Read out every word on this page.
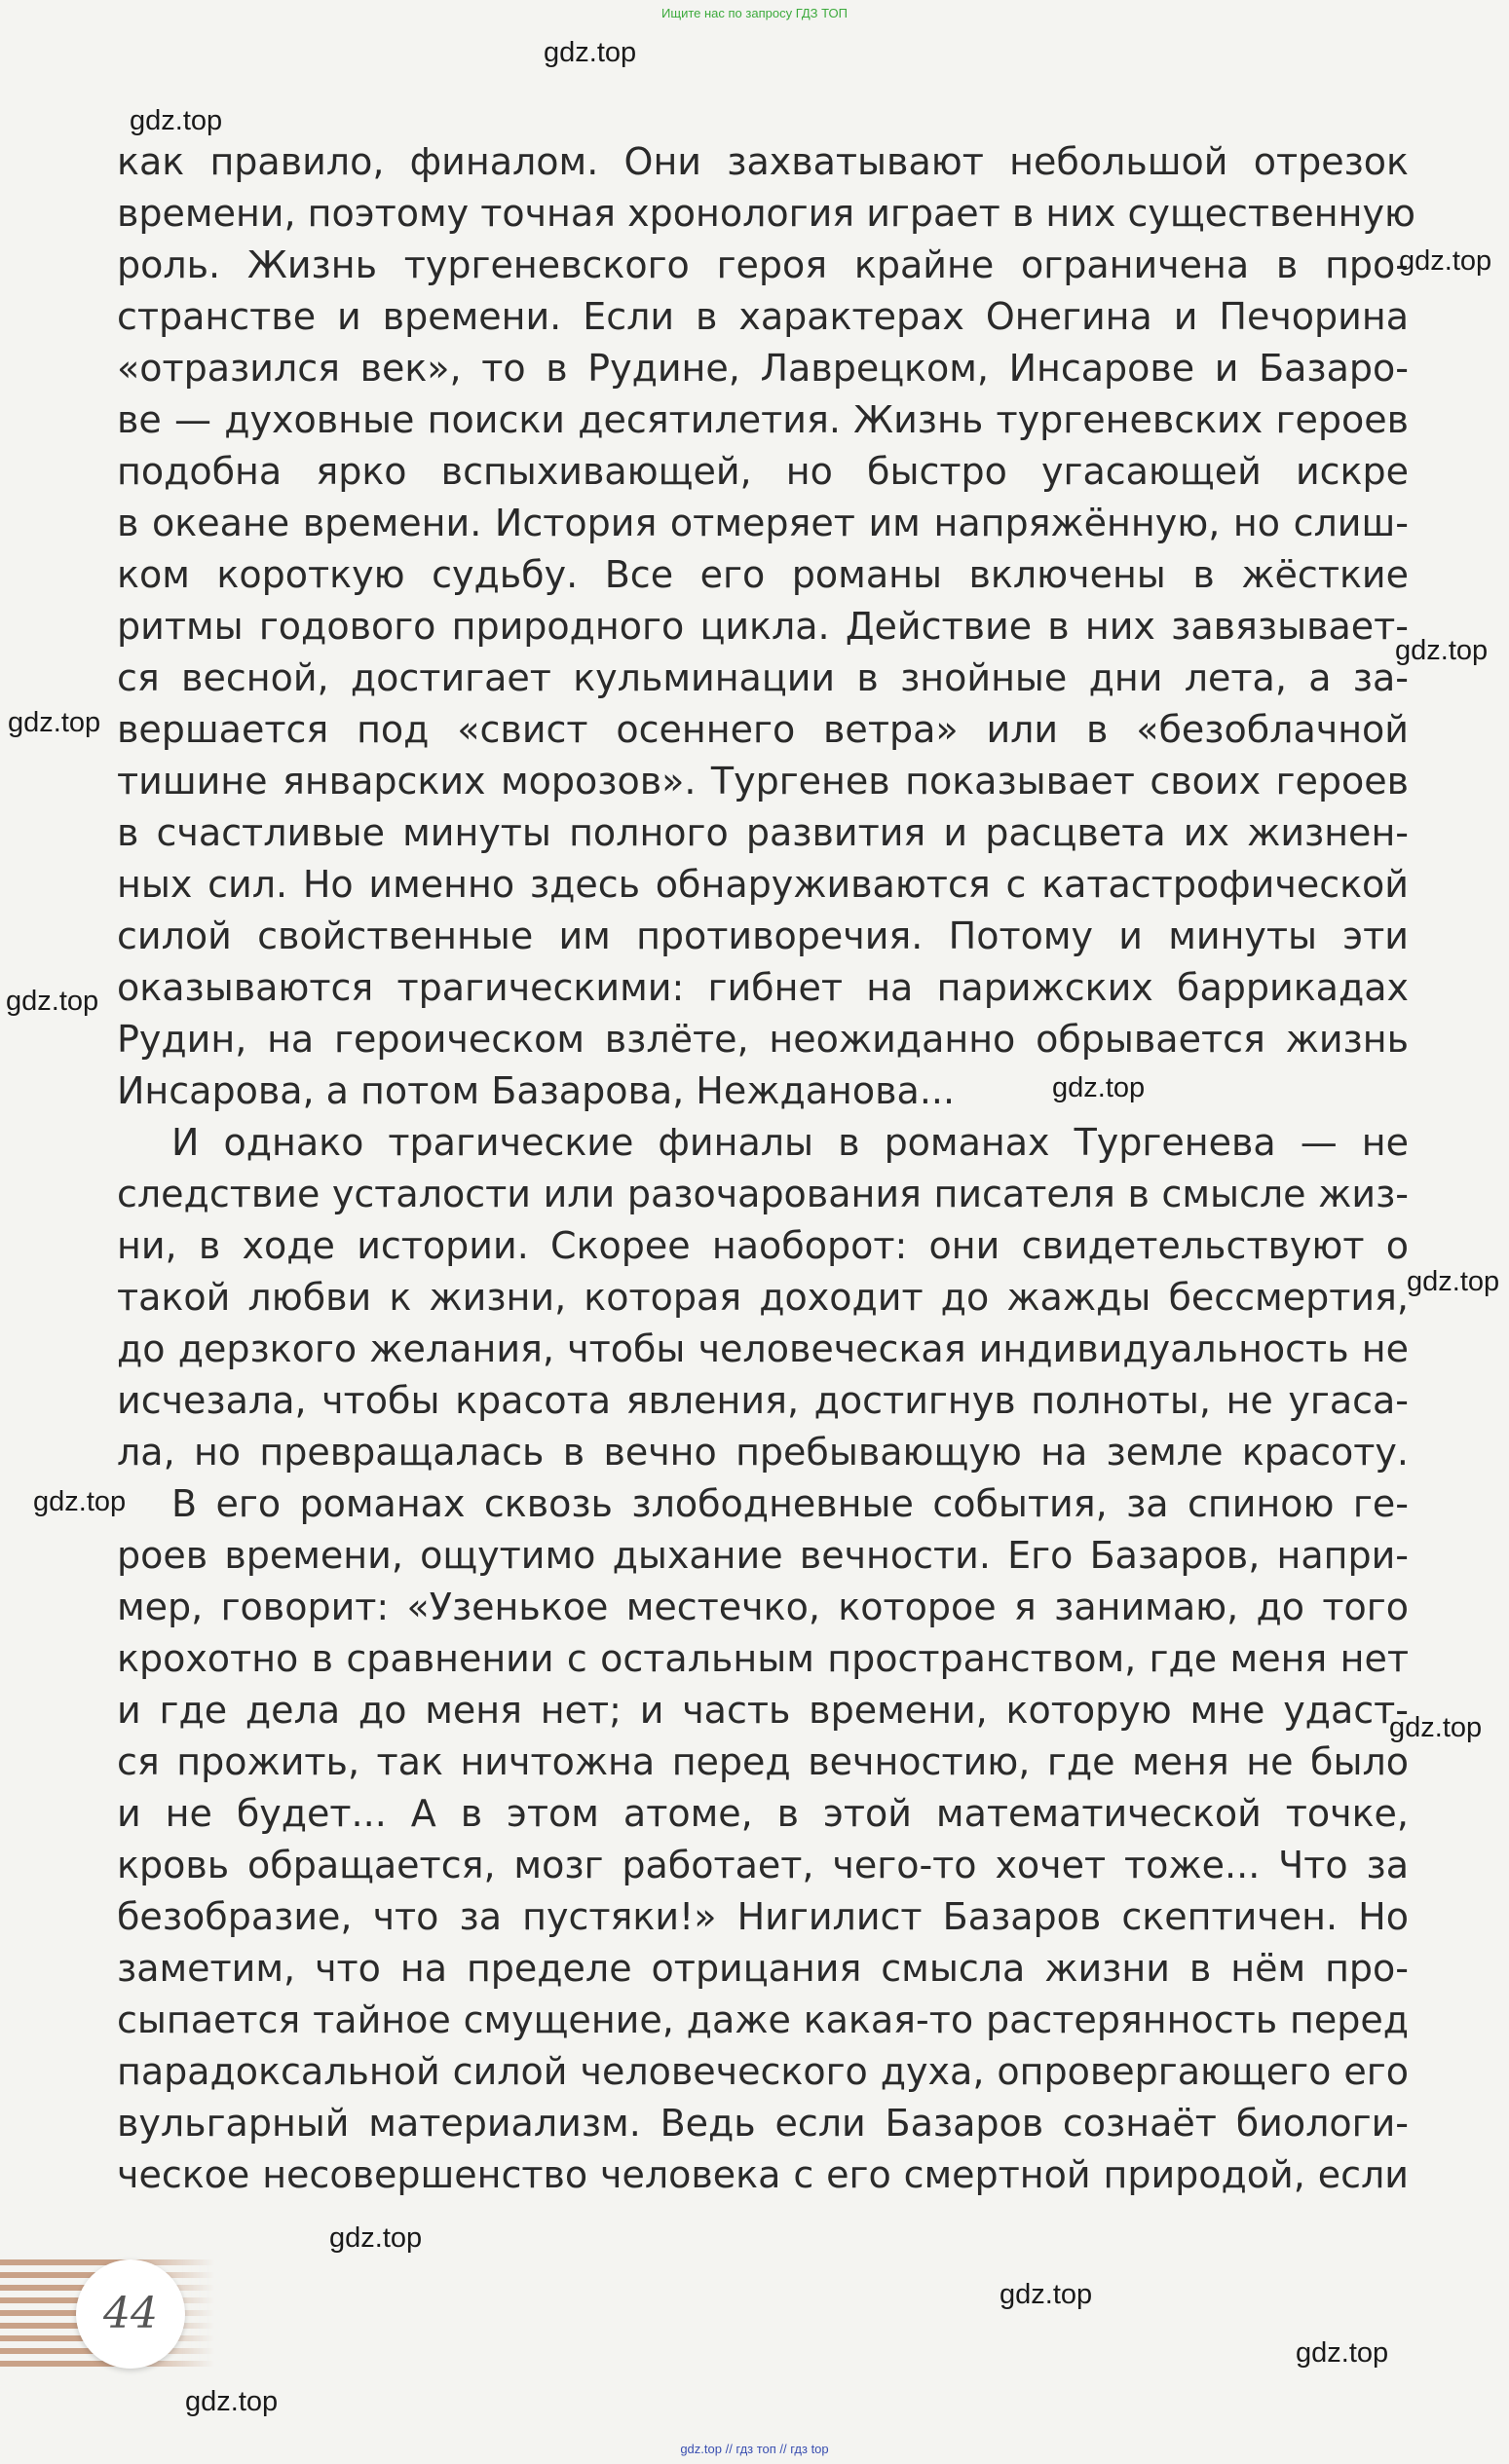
Ищите нас по запросу ГДЗ ТОП
как правило, финалом. Они захватывают небольшой отрезок
времени, поэтому точная хронология играет в них существенную
роль. Жизнь тургеневского героя крайне ограничена в про-
странстве и времени. Если в характерах Онегина и Печорина
«отразился век», то в Рудине, Лаврецком, Инсарове и Базаро-
ве — духовные поиски десятилетия. Жизнь тургеневских героев
подобна ярко вспыхивающей, но быстро угасающей искре
в океане времени. История отмеряет им напряжённую, но слиш-
ком короткую судьбу. Все его романы включены в жёсткие
ритмы годового природного цикла. Действие в них завязывает-
ся весной, достигает кульминации в знойные дни лета, а за-
вершается под «свист осеннего ветра» или в «безоблачной
тишине январских морозов». Тургенев показывает своих героев
в счастливые минуты полного развития и расцвета их жизнен-
ных сил. Но именно здесь обнаруживаются с катастрофической
силой свойственные им противоречия. Потому и минуты эти
оказываются трагическими: гибнет на парижских баррикадах
Рудин, на героическом взлёте, неожиданно обрывается жизнь
Инсарова, а потом Базарова, Нежданова...
И однако трагические финалы в романах Тургенева — не
следствие усталости или разочарования писателя в смысле жиз-
ни, в ходе истории. Скорее наоборот: они свидетельствуют о
такой любви к жизни, которая доходит до жажды бессмертия,
до дерзкого желания, чтобы человеческая индивидуальность не
исчезала, чтобы красота явления, достигнув полноты, не угаса-
ла, но превращалась в вечно пребывающую на земле красоту.
В его романах сквозь злободневные события, за спиною ге-
роев времени, ощутимо дыхание вечности. Его Базаров, напри-
мер, говорит: «Узенькое местечко, которое я занимаю, до того
крохотно в сравнении с остальным пространством, где меня нет
и где дела до меня нет; и часть времени, которую мне удаст-
ся прожить, так ничтожна перед вечностию, где меня не было
и не будет... А в этом атоме, в этой математической точке,
кровь обращается, мозг работает, чего-то хочет тоже... Что за
безобразие, что за пустяки!» Нигилист Базаров скептичен. Но
заметим, что на пределе отрицания смысла жизни в нём про-
сыпается тайное смущение, даже какая-то растерянность перед
парадоксальной силой человеческого духа, опровергающего его
вульгарный материализм. Ведь если Базаров сознаёт биологи-
ческое несовершенство человека с его смертной природой, если
gdz.top
gdz.top
gdz.top
gdz.top
gdz.top
gdz.top
gdz.top
gdz.top
gdz.top
gdz.top
gdz.top
gdz.top
gdz.top
gdz.top
44
gdz.top // гдз топ // гдз top
